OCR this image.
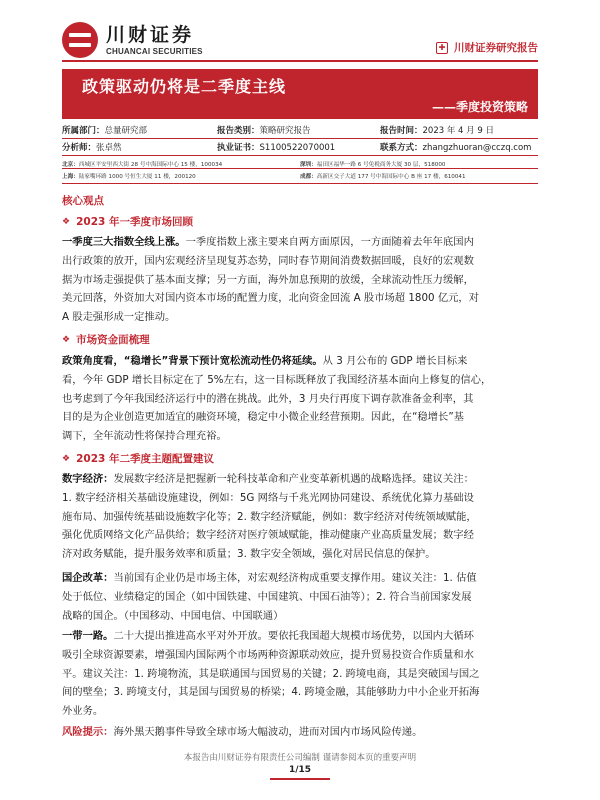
川财证券
CHUANCAI SECURITIES	✚ 川财证券研究报告
政策驱动仍将是二季度主线
——季度投资策略
所属部门：总量研究部	报告类别：策略研究报告	报告时间：2023 年 4 月 9 日
分析师：张卓然	执业证书：S1100522070001	联系方式：zhangzhuoran@cczq.com
北京：西城区平安里西大街 28 号中海国际中心 15 楼，100034	深圳：福田区福华一路 6 号免税商务大厦 30 层，518000
上海：陆家嘴环路 1000 号恒生大厦 11 楼，200120	成都：高新区交子大道 177 号中海国际中心 B 座 17 楼，610041
核心观点
❖ 2023 年一季度市场回顾
一季度三大指数全线上涨。一季度指数上涨主要来自两方面原因，一方面随着去年年底国内
出行政策的放开，国内宏观经济呈现复苏态势，同时春节期间消费数据回暖，良好的宏观数
据为市场走强提供了基本面支撑；另一方面，海外加息预期的放缓，全球流动性压力缓解，
美元回落，外资加大对国内资本市场的配置力度，北向资金回流 A 股市场超 1800 亿元，对
A 股走强形成一定推动。
❖ 市场资金面梳理
政策角度看，“稳增长”背景下预计宽松流动性仍将延续。从 3 月公布的 GDP 增长目标来
看，今年 GDP 增长目标定在了 5%左右，这一目标既释放了我国经济基本面向上修复的信心，
也考虑到了今年我国经济运行中的潜在挑战。此外，3 月央行再度下调存款准备金利率，其
目的是为企业创造更加适宜的融资环境，稳定中小微企业经营预期。因此，在“稳增长”基
调下，全年流动性将保持合理充裕。
❖ 2023 年二季度主题配置建议
数字经济：发展数字经济是把握新一轮科技革命和产业变革新机遇的战略选择。建议关注：
1. 数字经济相关基础设施建设，例如：5G 网络与千兆光网协同建设、系统优化算力基础设
施布局、加强传统基础设施数字化等；2. 数字经济赋能，例如：数字经济对传统领域赋能，
强化优质网络文化产品供给；数字经济对医疗领域赋能，推动健康产业高质量发展；数字经
济对政务赋能，提升服务效率和质量；3. 数字安全领域，强化对居民信息的保护。
国企改革：当前国有企业仍是市场主体，对宏观经济构成重要支撑作用。建议关注：1. 估值
处于低位、业绩稳定的国企（如中国铁建、中国建筑、中国石油等）；2. 符合当前国家发展
战略的国企。（中国移动、中国电信、中国联通）
一带一路。二十大提出推进高水平对外开放。要依托我国超大规模市场优势，以国内大循环
吸引全球资源要素，增强国内国际两个市场两种资源联动效应，提升贸易投资合作质量和水
平。建议关注：1. 跨境物流，其是联通国与国贸易的关键；2. 跨境电商，其是突破国与国之
间的壁垒；3. 跨境支付，其是国与国贸易的桥梁；4. 跨境金融，其能够助力中小企业开拓海
外业务。
风险提示：海外黑天鹅事件导致全球市场大幅波动，进而对国内市场风险传递。
本报告由川财证券有限责任公司编制 谨请参阅本页的重要声明
1/15
